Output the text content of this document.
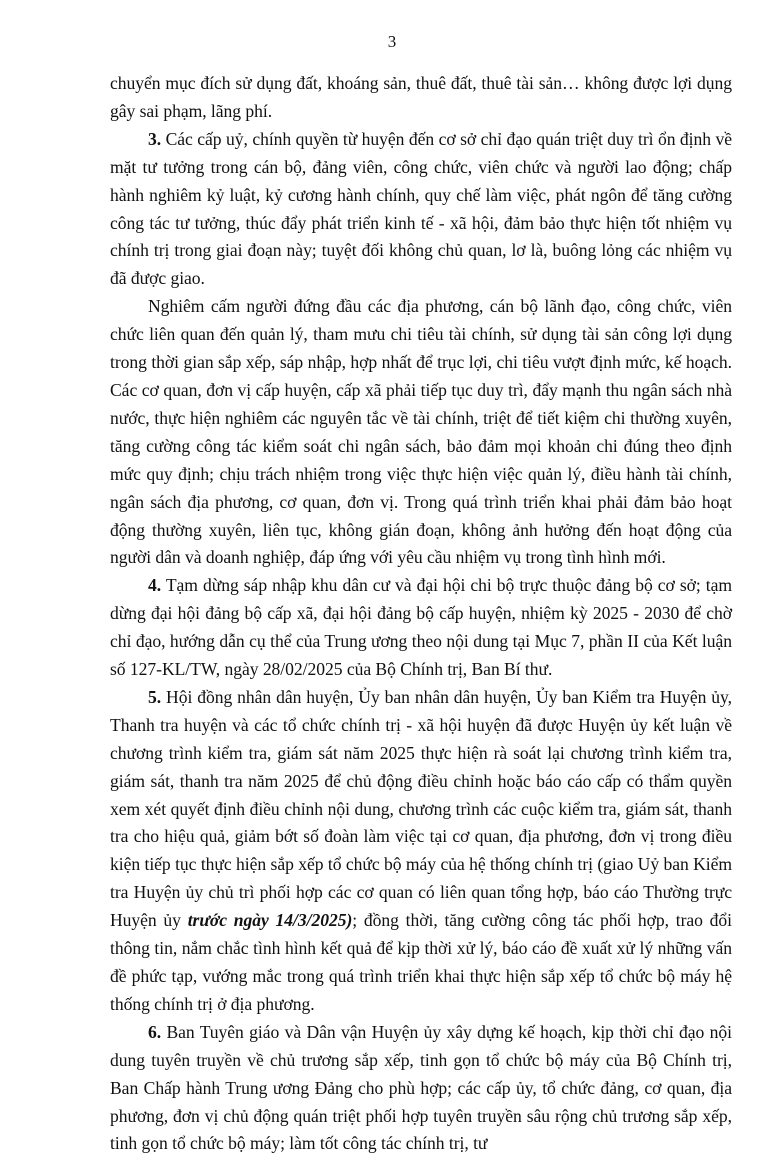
3

chuyển mục đích sử dụng đất, khoáng sản, thuê đất, thuê tài sản… không được lợi dụng gây sai phạm, lãng phí.

3. Các cấp uỷ, chính quyền từ huyện đến cơ sở chỉ đạo quán triệt duy trì ổn định về mặt tư tưởng trong cán bộ, đảng viên, công chức, viên chức và người lao động; chấp hành nghiêm kỷ luật, kỷ cương hành chính, quy chế làm việc, phát ngôn để tăng cường công tác tư tưởng, thúc đẩy phát triển kinh tế - xã hội, đảm bảo thực hiện tốt nhiệm vụ chính trị trong giai đoạn này; tuyệt đối không chủ quan, lơ là, buông lỏng các nhiệm vụ đã được giao.

Nghiêm cấm người đứng đầu các địa phương, cán bộ lãnh đạo, công chức, viên chức liên quan đến quản lý, tham mưu chi tiêu tài chính, sử dụng tài sản công lợi dụng trong thời gian sắp xếp, sáp nhập, hợp nhất để trục lợi, chi tiêu vượt định mức, kế hoạch. Các cơ quan, đơn vị cấp huyện, cấp xã phải tiếp tục duy trì, đẩy mạnh thu ngân sách nhà nước, thực hiện nghiêm các nguyên tắc về tài chính, triệt để tiết kiệm chi thường xuyên, tăng cường công tác kiểm soát chi ngân sách, bảo đảm mọi khoản chi đúng theo định mức quy định; chịu trách nhiệm trong việc thực hiện việc quản lý, điều hành tài chính, ngân sách địa phương, cơ quan, đơn vị. Trong quá trình triển khai phải đảm bảo hoạt động thường xuyên, liên tục, không gián đoạn, không ảnh hưởng đến hoạt động của người dân và doanh nghiệp, đáp ứng với yêu cầu nhiệm vụ trong tình hình mới.

4. Tạm dừng sáp nhập khu dân cư và đại hội chi bộ trực thuộc đảng bộ cơ sở; tạm dừng đại hội đảng bộ cấp xã, đại hội đảng bộ cấp huyện, nhiệm kỳ 2025 - 2030 để chờ chỉ đạo, hướng dẫn cụ thể của Trung ương theo nội dung tại Mục 7, phần II của Kết luận số 127-KL/TW, ngày 28/02/2025 của Bộ Chính trị, Ban Bí thư.

5. Hội đồng nhân dân huyện, Ủy ban nhân dân huyện, Ủy ban Kiểm tra Huyện ủy, Thanh tra huyện và các tổ chức chính trị - xã hội huyện đã được Huyện ủy kết luận về chương trình kiểm tra, giám sát năm 2025 thực hiện rà soát lại chương trình kiểm tra, giám sát, thanh tra năm 2025 để chủ động điều chỉnh hoặc báo cáo cấp có thẩm quyền xem xét quyết định điều chỉnh nội dung, chương trình các cuộc kiểm tra, giám sát, thanh tra cho hiệu quả, giảm bớt số đoàn làm việc tại cơ quan, địa phương, đơn vị trong điều kiện tiếp tục thực hiện sắp xếp tổ chức bộ máy của hệ thống chính trị (giao Uỷ ban Kiểm tra Huyện ủy chủ trì phối hợp các cơ quan có liên quan tổng hợp, báo cáo Thường trực Huyện ủy trước ngày 14/3/2025); đồng thời, tăng cường công tác phối hợp, trao đổi thông tin, nắm chắc tình hình kết quả để kịp thời xử lý, báo cáo đề xuất xử lý những vấn đề phức tạp, vướng mắc trong quá trình triển khai thực hiện sắp xếp tổ chức bộ máy hệ thống chính trị ở địa phương.

6. Ban Tuyên giáo và Dân vận Huyện ủy xây dựng kế hoạch, kịp thời chỉ đạo nội dung tuyên truyền về chủ trương sắp xếp, tinh gọn tổ chức bộ máy của Bộ Chính trị, Ban Chấp hành Trung ương Đảng cho phù hợp; các cấp ủy, tổ chức đảng, cơ quan, địa phương, đơn vị chủ động quán triệt phối hợp tuyên truyền sâu rộng chủ trương sắp xếp, tinh gọn tổ chức bộ máy; làm tốt công tác chính trị, tư
